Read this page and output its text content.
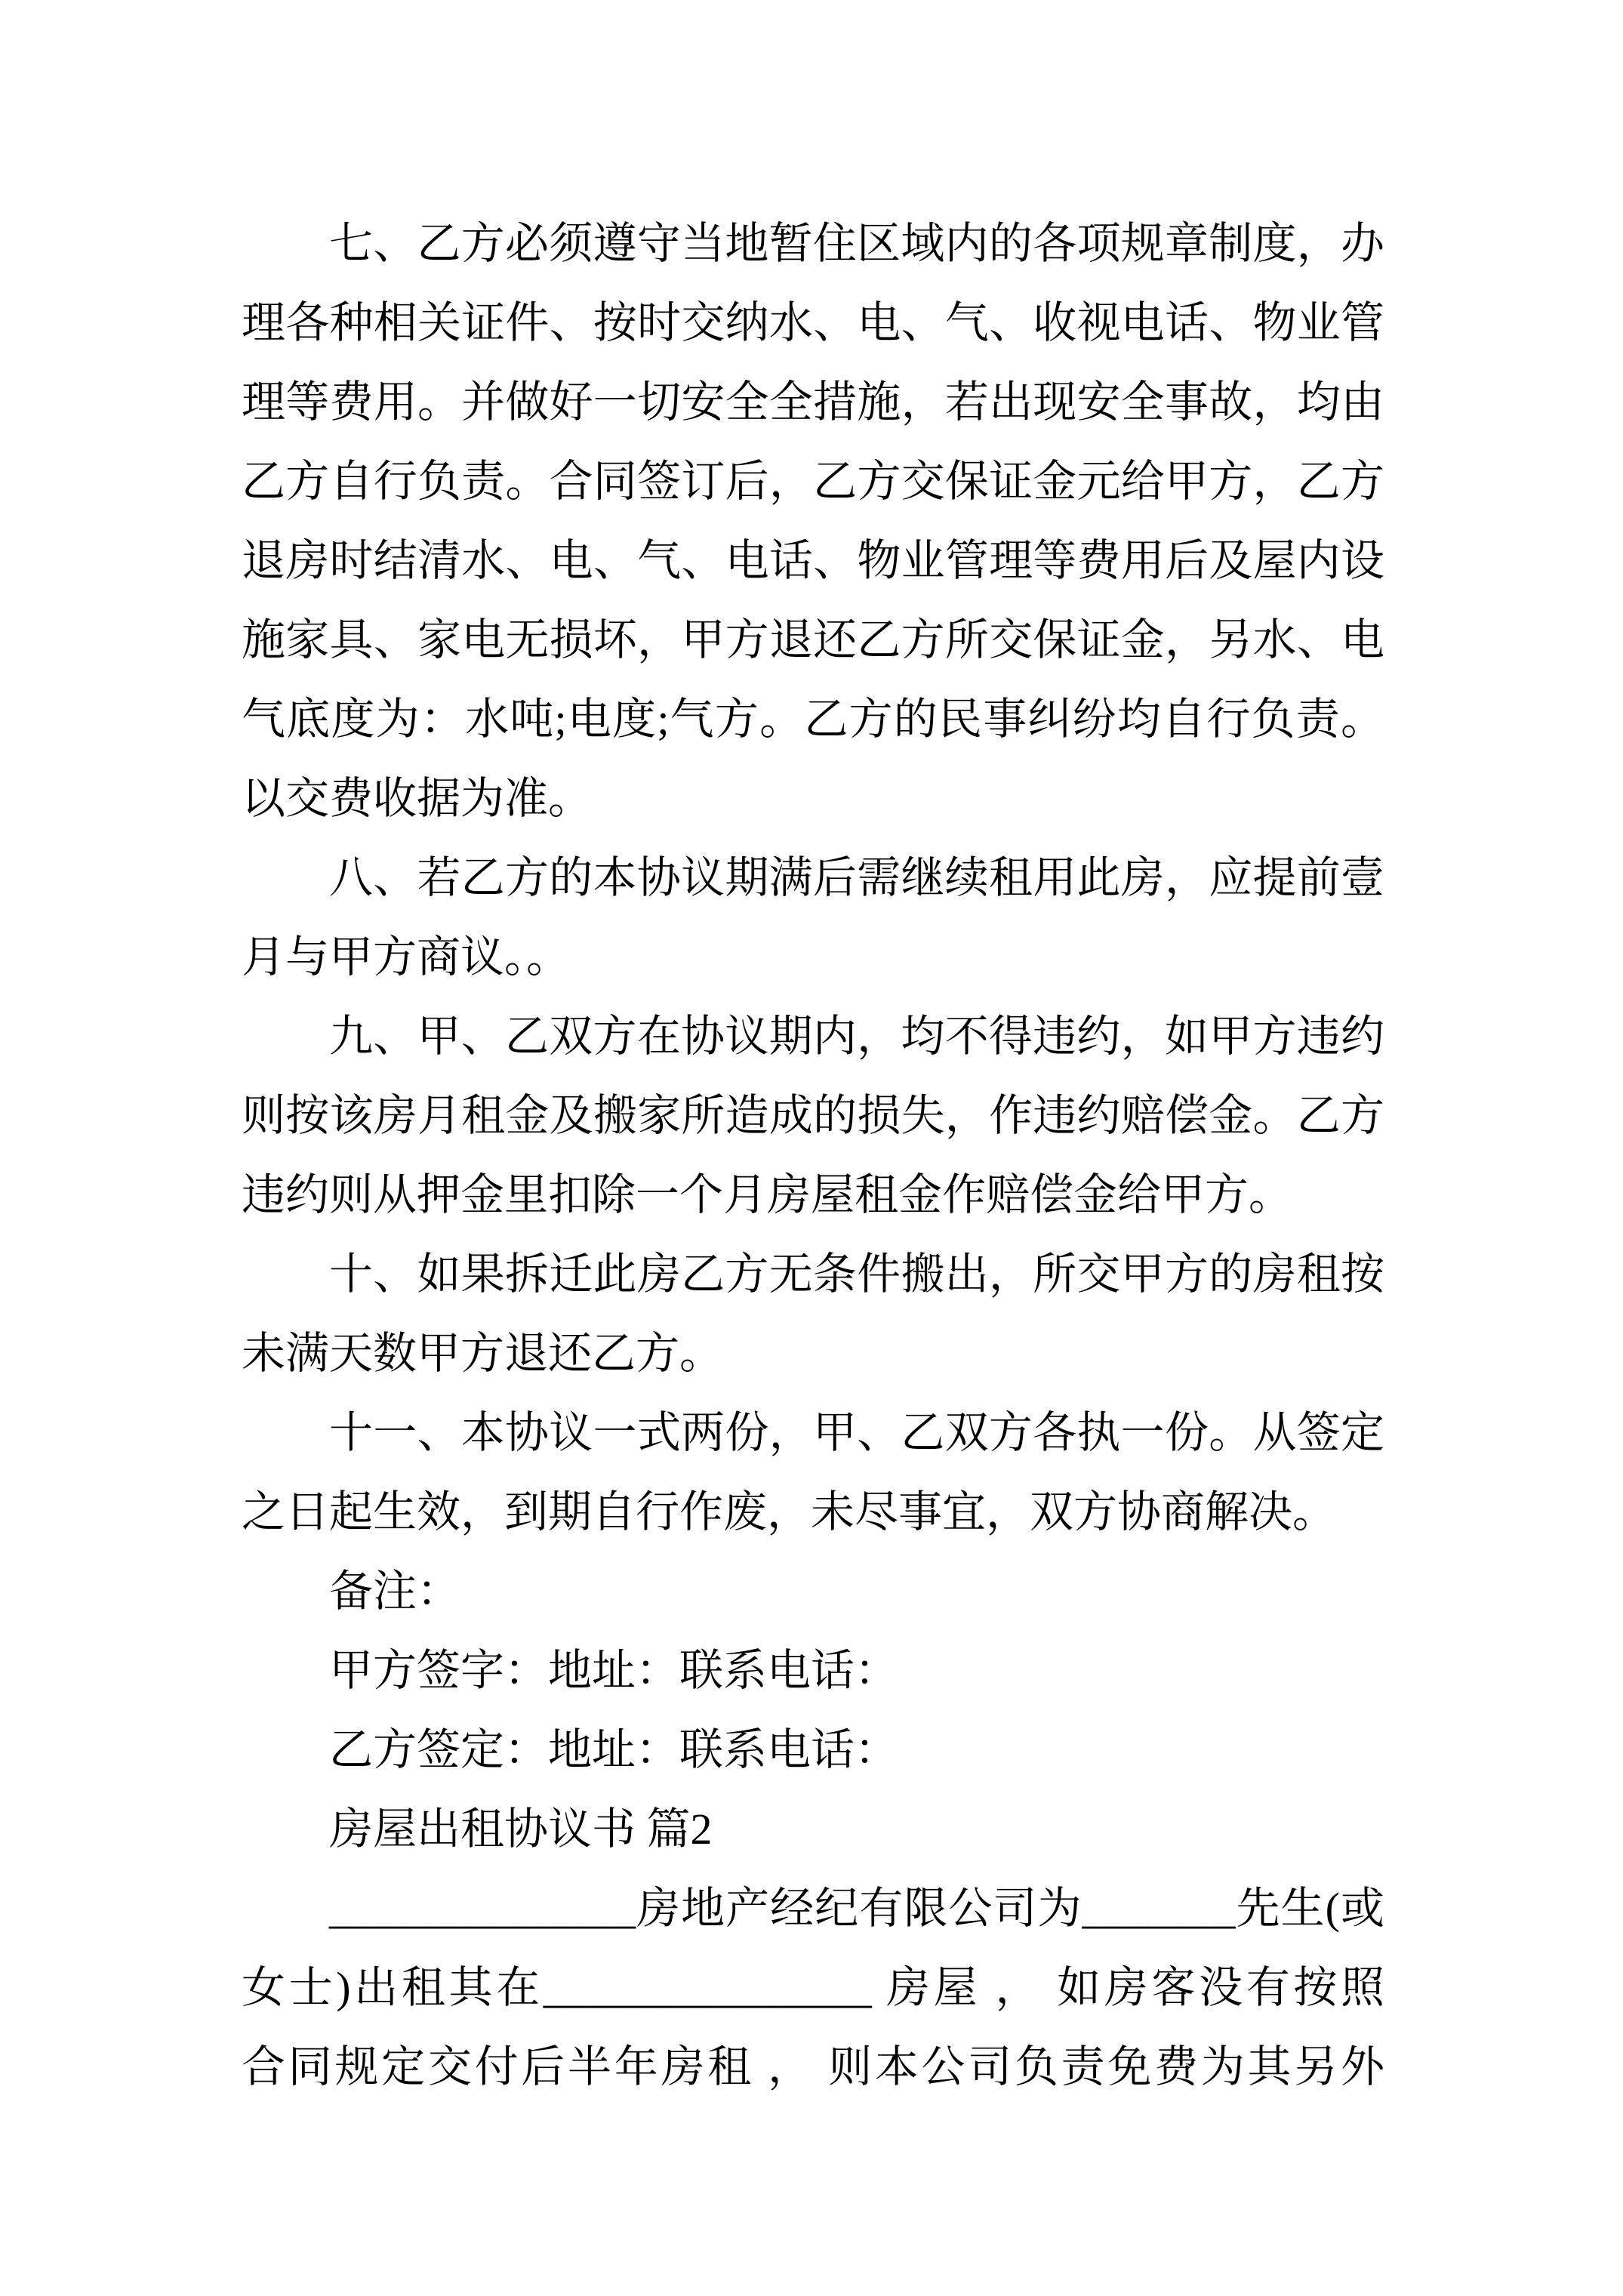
七、乙方必须遵守当地暂住区域内的各项规章制度，办
理各种相关证件、按时交纳水、电、气、收视电话、物业管
理等费用。并做好一切安全全措施，若出现安全事故，均由
乙方自行负责。合同签订后，乙方交保证金元给甲方，乙方
退房时结清水、电、气、电话、物业管理等费用后及屋内设
施家具、家电无损坏，甲方退还乙方所交保证金，另水、电
气底度为：水吨;电度;气方。乙方的民事纠纷均自行负责。
以交费收据为准。
八、若乙方的本协议期满后需继续租用此房，应提前壹
月与甲方商议。。
九、甲、乙双方在协议期内，均不得违约，如甲方违约
则按该房月租金及搬家所造成的损失，作违约赔偿金。乙方
违约则从押金里扣除一个月房屋租金作赔偿金给甲方。
十、如果拆迁此房乙方无条件搬出，所交甲方的房租按
未满天数甲方退还乙方。
十一、本协议一式两份，甲、乙双方各执一份。从签定
之日起生效，到期自行作废，未尽事宜，双方协商解决。
备注：
甲方签字：地址：联系电话：
乙方签定：地址：联系电话：
房屋出租协议书 篇2
______________房地产经纪有限公司为_______先生(或
女士)出租其在_______________ 房屋 ， 如房客没有按照
合同规定交付后半年房租 ， 则本公司负责免费为其另外
